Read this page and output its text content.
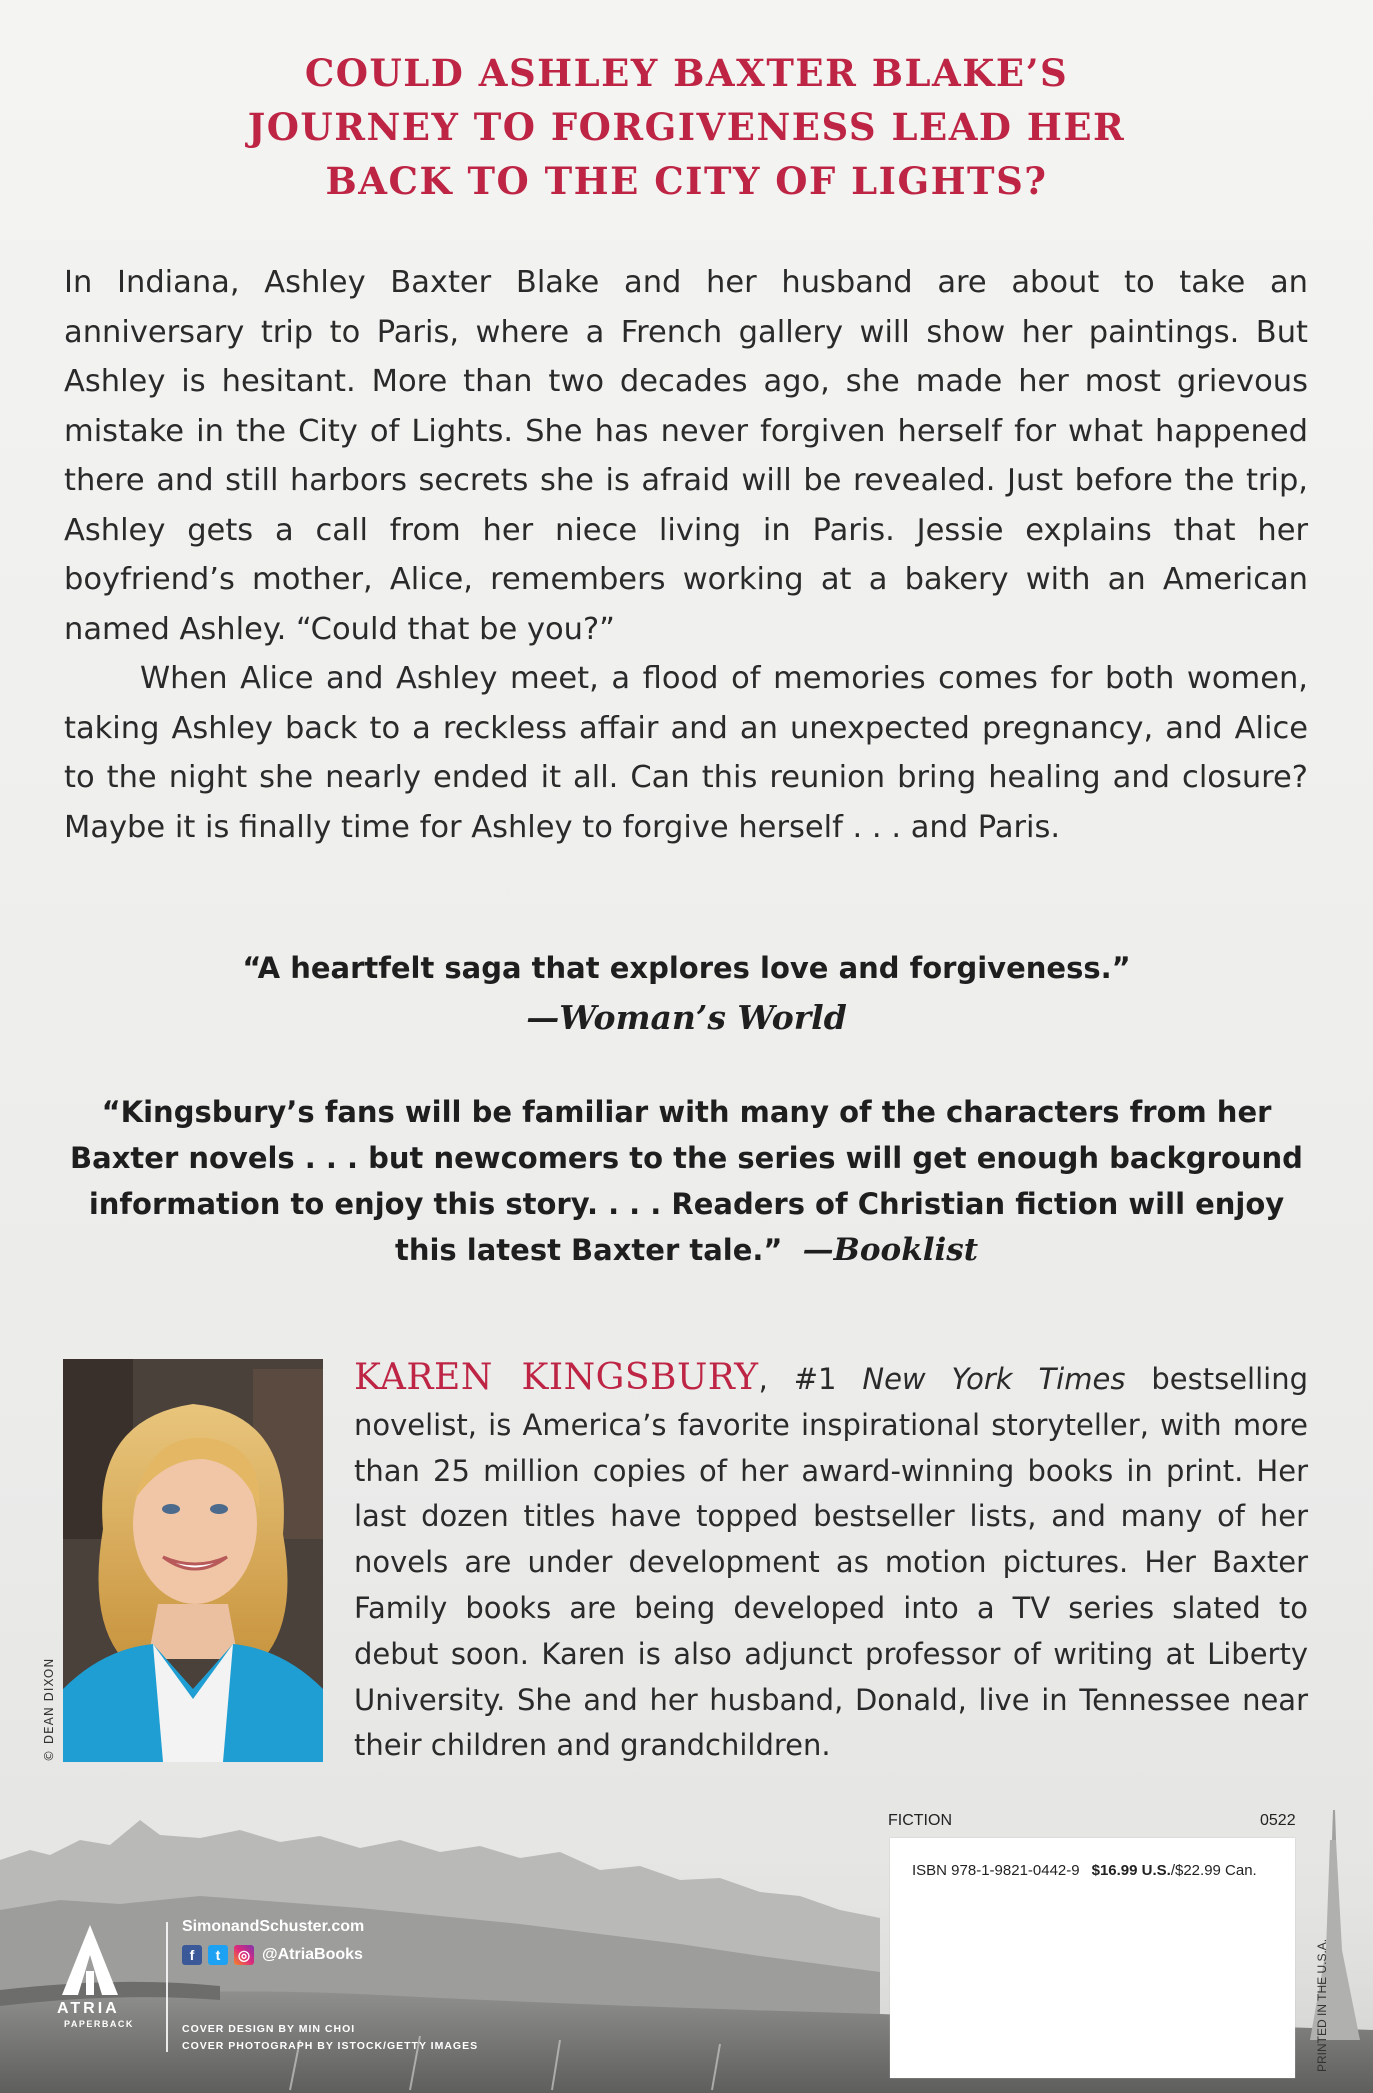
COULD ASHLEY BAXTER BLAKE’S
JOURNEY TO FORGIVENESS LEAD HER
BACK TO THE CITY OF LIGHTS?

In Indiana, Ashley Baxter Blake and her husband are about to take an anniversary trip to Paris, where a French gallery will show her paintings. But Ashley is hesitant. More than two decades ago, she made her most grievous mistake in the City of Lights. She has never forgiven herself for what happened there and still harbors secrets she is afraid will be revealed. Just before the trip, Ashley gets a call from her niece living in Paris. Jessie explains that her boyfriend’s mother, Alice, remembers working at a bakery with an American named Ashley. “Could that be you?”

When Alice and Ashley meet, a flood of memories comes for both women, taking Ashley back to a reckless affair and an unexpected pregnancy, and Alice to the night she nearly ended it all. Can this reunion bring healing and closure? Maybe it is finally time for Ashley to forgive herself . . . and Paris.

“A heartfelt saga that explores love and forgiveness.”
—Woman’s World
“Kingsbury’s fans will be familiar with many of the characters from her Baxter novels . . . but newcomers to the series will get enough background information to enjoy this story. . . . Readers of Christian fiction will enjoy this latest Baxter tale.” —Booklist
© DEAN DIXON

KAREN KINGSBURY, #1 New York Times bestselling novelist, is America’s favorite inspirational storyteller, with more than 25 million copies of her award-winning books in print. Her last dozen titles have topped bestseller lists, and many of her novels are under development as motion pictures. Her Baxter Family books are being developed into a TV series slated to debut soon. Karen is also adjunct professor of writing at Liberty University. She and her husband, Donald, live in Tennessee near their children and grandchildren.

FICTION	0522
ISBN 978-1-9821-0442-9 $16.99 U.S./$22.99 Can.
PRINTED IN THE U.S.A.
ATRIA
PAPERBACK
SimonandSchuster.com
f	t	◎ @AtriaBooks
COVER DESIGN BY MIN CHOI
COVER PHOTOGRAPH BY ISTOCK/GETTY IMAGES
